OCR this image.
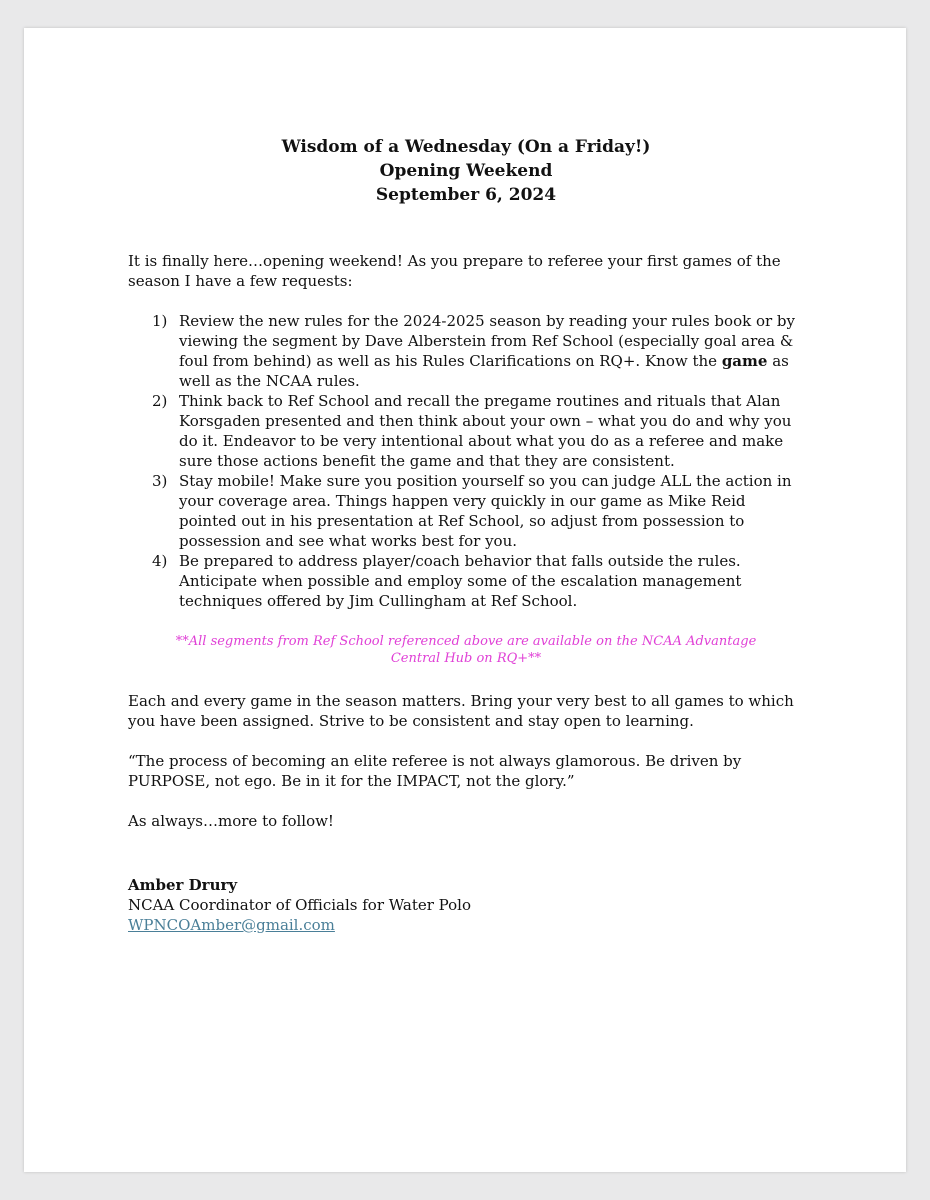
Wisdom of a Wednesday (On a Friday!)
Opening Weekend
September 6, 2024

It is finally here…opening weekend! As you prepare to referee your first games of the season I have a few requests:

1) Review the new rules for the 2024-2025 season by reading your rules book or by viewing the segment by Dave Alberstein from Ref School (especially goal area & foul from behind) as well as his Rules Clarifications on RQ+. Know the game as well as the NCAA rules.
2) Think back to Ref School and recall the pregame routines and rituals that Alan Korsgaden presented and then think about your own – what you do and why you do it. Endeavor to be very intentional about what you do as a referee and make sure those actions benefit the game and that they are consistent.
3) Stay mobile! Make sure you position yourself so you can judge ALL the action in your coverage area. Things happen very quickly in our game as Mike Reid pointed out in his presentation at Ref School, so adjust from possession to possession and see what works best for you.
4) Be prepared to address player/coach behavior that falls outside the rules. Anticipate when possible and employ some of the escalation management techniques offered by Jim Cullingham at Ref School.

**All segments from Ref School referenced above are available on the NCAA Advantage Central Hub on RQ+**

Each and every game in the season matters. Bring your very best to all games to which you have been assigned. Strive to be consistent and stay open to learning.

“The process of becoming an elite referee is not always glamorous. Be driven by PURPOSE, not ego. Be in it for the IMPACT, not the glory.”

As always…more to follow!

Amber Drury
NCAA Coordinator of Officials for Water Polo
WPNCOAmber@gmail.com
